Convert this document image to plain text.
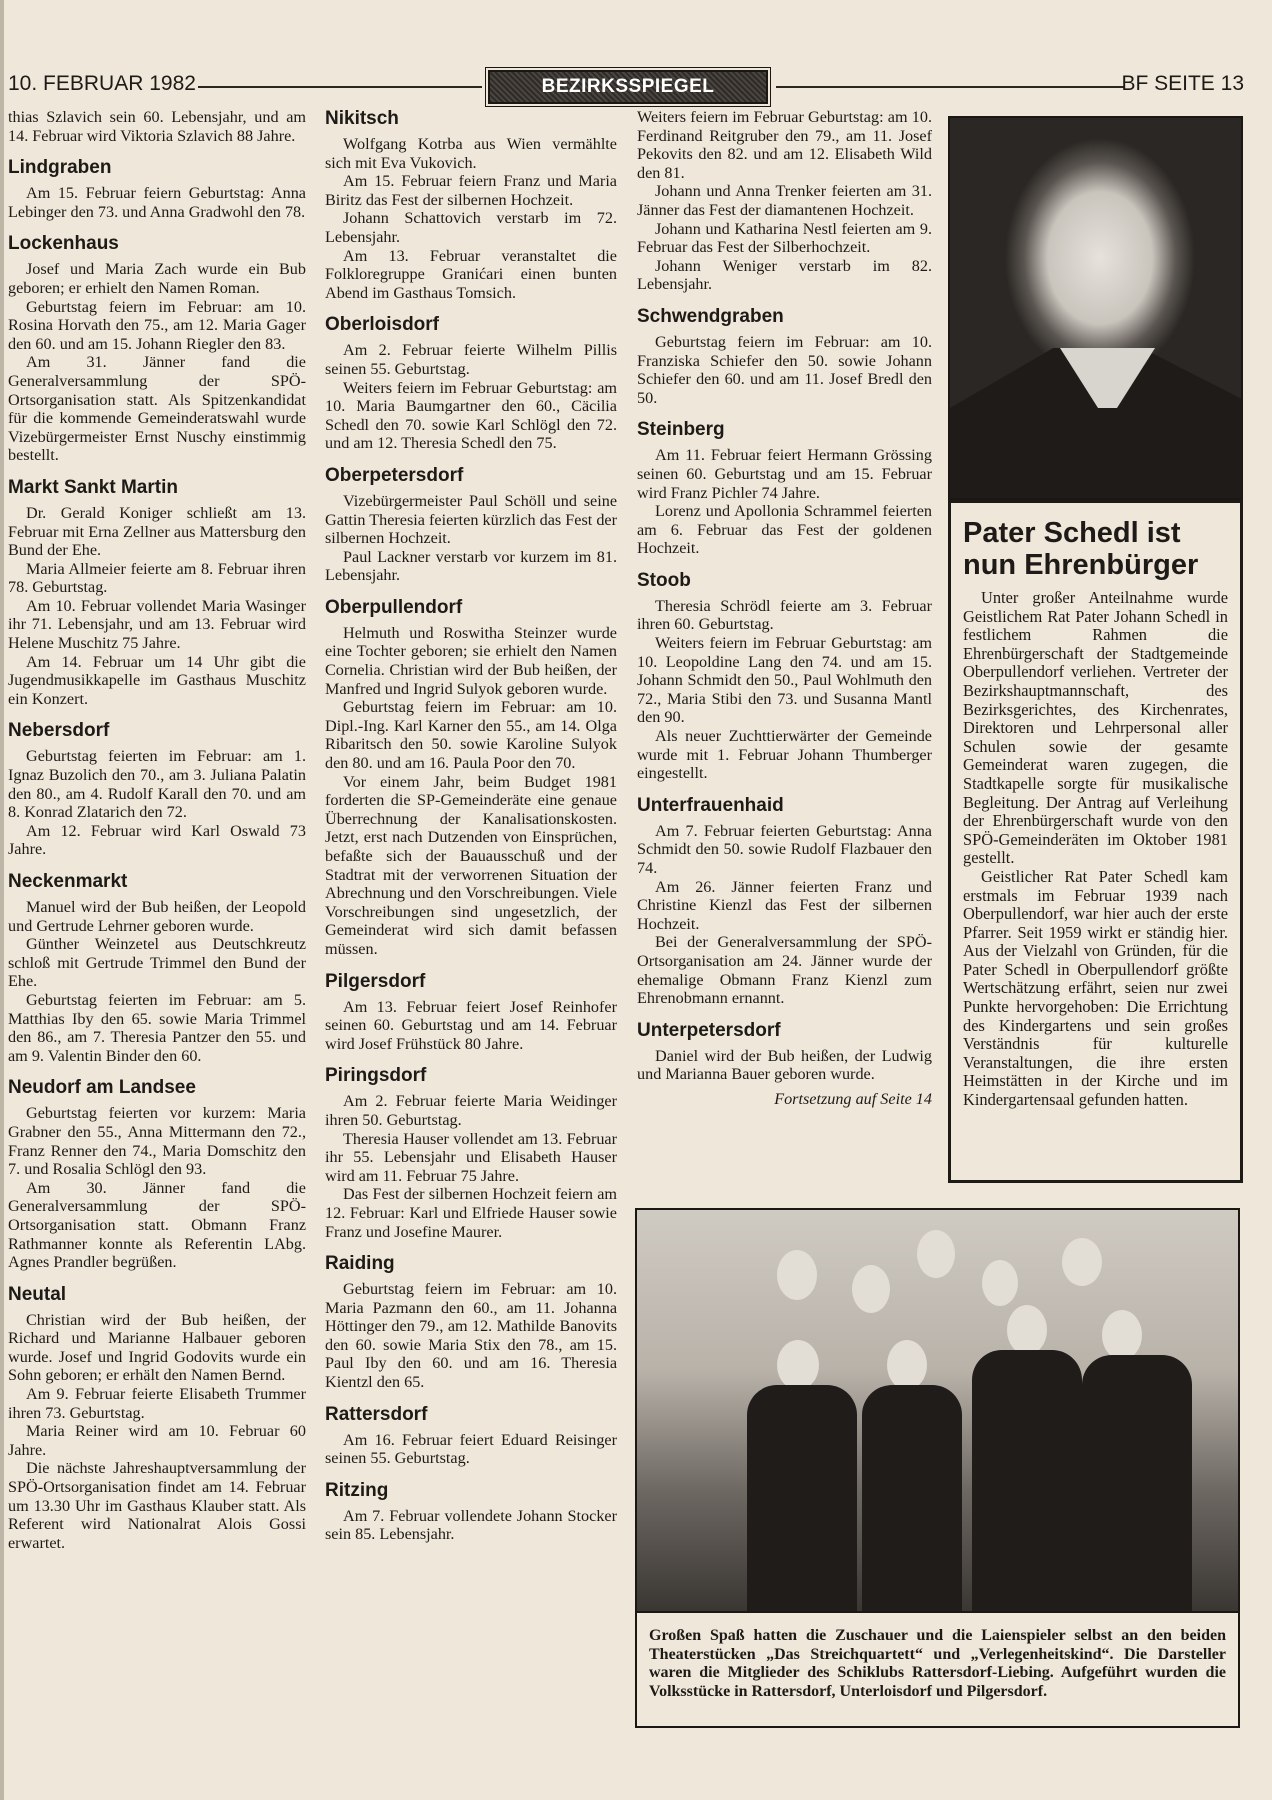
10. FEBRUAR 1982	BEZIRKSSPIEGEL	BF SEITE 13

thias Szlavich sein 60. Lebensjahr, und am 14. Februar wird Viktoria Szlavich 88 Jahre.

Lindgraben

Am 15. Februar feiern Geburtstag: Anna Lebinger den 73. und Anna Gradwohl den 78.

Lockenhaus

Josef und Maria Zach wurde ein Bub geboren; er erhielt den Namen Roman.

Geburtstag feiern im Februar: am 10. Rosina Horvath den 75., am 12. Maria Gager den 60. und am 15. Johann Riegler den 83.

Am 31. Jänner fand die Generalversammlung der SPÖ-Ortsorganisation statt. Als Spitzenkandidat für die kommende Gemeinderatswahl wurde Vizebürgermeister Ernst Nuschy einstimmig bestellt.

Markt Sankt Martin

Dr. Gerald Koniger schließt am 13. Februar mit Erna Zellner aus Mattersburg den Bund der Ehe.

Maria Allmeier feierte am 8. Februar ihren 78. Geburtstag.

Am 10. Februar vollendet Maria Wasinger ihr 71. Lebensjahr, und am 13. Februar wird Helene Muschitz 75 Jahre.

Am 14. Februar um 14 Uhr gibt die Jugendmusikkapelle im Gasthaus Muschitz ein Konzert.

Nebersdorf

Geburtstag feierten im Februar: am 1. Ignaz Buzolich den 70., am 3. Juliana Palatin den 80., am 4. Rudolf Karall den 70. und am 8. Konrad Zlatarich den 72.

Am 12. Februar wird Karl Oswald 73 Jahre.

Neckenmarkt

Manuel wird der Bub heißen, der Leopold und Gertrude Lehrner geboren wurde.

Günther Weinzetel aus Deutschkreutz schloß mit Gertrude Trimmel den Bund der Ehe.

Geburtstag feierten im Februar: am 5. Matthias Iby den 65. sowie Maria Trimmel den 86., am 7. Theresia Pantzer den 55. und am 9. Valentin Binder den 60.

Neudorf am Landsee

Geburtstag feierten vor kurzem: Maria Grabner den 55., Anna Mittermann den 72., Franz Renner den 74., Maria Domschitz den 7. und Rosalia Schlögl den 93.

Am 30. Jänner fand die Generalversammlung der SPÖ-Ortsorganisation statt. Obmann Franz Rathmanner konnte als Referentin LAbg. Agnes Prandler begrüßen.

Neutal

Christian wird der Bub heißen, der Richard und Marianne Halbauer geboren wurde. Josef und Ingrid Godovits wurde ein Sohn geboren; er erhält den Namen Bernd.

Am 9. Februar feierte Elisabeth Trummer ihren 73. Geburtstag.

Maria Reiner wird am 10. Februar 60 Jahre.

Die nächste Jahreshauptversammlung der SPÖ-Ortsorganisation findet am 14. Februar um 13.30 Uhr im Gasthaus Klauber statt. Als Referent wird Nationalrat Alois Gossi erwartet.

Nikitsch

Wolfgang Kotrba aus Wien vermählte sich mit Eva Vukovich.

Am 15. Februar feiern Franz und Maria Biritz das Fest der silbernen Hochzeit.

Johann Schattovich verstarb im 72. Lebensjahr.

Am 13. Februar veranstaltet die Folkloregruppe Granićari einen bunten Abend im Gasthaus Tomsich.

Oberloisdorf

Am 2. Februar feierte Wilhelm Pillis seinen 55. Geburtstag.

Weiters feiern im Februar Geburtstag: am 10. Maria Baumgartner den 60., Cäcilia Schedl den 70. sowie Karl Schlögl den 72. und am 12. Theresia Schedl den 75.

Oberpetersdorf

Vizebürgermeister Paul Schöll und seine Gattin Theresia feierten kürzlich das Fest der silbernen Hochzeit.

Paul Lackner verstarb vor kurzem im 81. Lebensjahr.

Oberpullendorf

Helmuth und Roswitha Steinzer wurde eine Tochter geboren; sie erhielt den Namen Cornelia. Christian wird der Bub heißen, der Manfred und Ingrid Sulyok geboren wurde.

Geburtstag feiern im Februar: am 10. Dipl.-Ing. Karl Karner den 55., am 14. Olga Ribaritsch den 50. sowie Karoline Sulyok den 80. und am 16. Paula Poor den 70.

Vor einem Jahr, beim Budget 1981 forderten die SP-Gemeinderäte eine genaue Überrechnung der Kanalisationskosten. Jetzt, erst nach Dutzenden von Einsprüchen, befaßte sich der Bauausschuß und der Stadtrat mit der verworrenen Situation der Abrechnung und den Vorschreibungen. Viele Vorschreibungen sind ungesetzlich, der Gemeinderat wird sich damit befassen müssen.

Pilgersdorf

Am 13. Februar feiert Josef Reinhofer seinen 60. Geburtstag und am 14. Februar wird Josef Frühstück 80 Jahre.

Piringsdorf

Am 2. Februar feierte Maria Weidinger ihren 50. Geburtstag.

Theresia Hauser vollendet am 13. Februar ihr 55. Lebensjahr und Elisabeth Hauser wird am 11. Februar 75 Jahre.

Das Fest der silbernen Hochzeit feiern am 12. Februar: Karl und Elfriede Hauser sowie Franz und Josefine Maurer.

Raiding

Geburtstag feiern im Februar: am 10. Maria Pazmann den 60., am 11. Johanna Höttinger den 79., am 12. Mathilde Banovits den 60. sowie Maria Stix den 78., am 15. Paul Iby den 60. und am 16. Theresia Kientzl den 65.

Rattersdorf

Am 16. Februar feiert Eduard Reisinger seinen 55. Geburtstag.

Ritzing

Am 7. Februar vollendete Johann Stocker sein 85. Lebensjahr.

Weiters feiern im Februar Geburtstag: am 10. Ferdinand Reitgruber den 79., am 11. Josef Pekovits den 82. und am 12. Elisabeth Wild den 81.

Johann und Anna Trenker feierten am 31. Jänner das Fest der diamantenen Hochzeit.

Johann und Katharina Nestl feierten am 9. Februar das Fest der Silberhochzeit.

Johann Weniger verstarb im 82. Lebensjahr.

Schwendgraben

Geburtstag feiern im Februar: am 10. Franziska Schiefer den 50. sowie Johann Schiefer den 60. und am 11. Josef Bredl den 50.

Steinberg

Am 11. Februar feiert Hermann Grössing seinen 60. Geburtstag und am 15. Februar wird Franz Pichler 74 Jahre.

Lorenz und Apollonia Schrammel feierten am 6. Februar das Fest der goldenen Hochzeit.

Stoob

Theresia Schrödl feierte am 3. Februar ihren 60. Geburtstag.

Weiters feiern im Februar Geburtstag: am 10. Leopoldine Lang den 74. und am 15. Johann Schmidt den 50., Paul Wohlmuth den 72., Maria Stibi den 73. und Susanna Mantl den 90.

Als neuer Zuchttierwärter der Gemeinde wurde mit 1. Februar Johann Thumberger eingestellt.

Unterfrauenhaid

Am 7. Februar feierten Geburtstag: Anna Schmidt den 50. sowie Rudolf Flazbauer den 74.

Am 26. Jänner feierten Franz und Christine Kienzl das Fest der silbernen Hochzeit.

Bei der Generalversammlung der SPÖ-Ortsorganisation am 24. Jänner wurde der ehemalige Obmann Franz Kienzl zum Ehrenobmann ernannt.

Unterpetersdorf

Daniel wird der Bub heißen, der Ludwig und Marianna Bauer geboren wurde.

Fortsetzung auf Seite 14

Pater Schedl ist nun Ehrenbürger

Unter großer Anteilnahme wurde Geistlichem Rat Pater Johann Schedl in festlichem Rahmen die Ehrenbürgerschaft der Stadtgemeinde Oberpullendorf verliehen. Vertreter der Bezirkshauptmannschaft, des Bezirksgerichtes, des Kirchenrates, Direktoren und Lehrpersonal aller Schulen sowie der gesamte Gemeinderat waren zugegen, die Stadtkapelle sorgte für musikalische Begleitung. Der Antrag auf Verleihung der Ehrenbürgerschaft wurde von den SPÖ-Gemeinderäten im Oktober 1981 gestellt.

Geistlicher Rat Pater Schedl kam erstmals im Februar 1939 nach Oberpullendorf, war hier auch der erste Pfarrer. Seit 1959 wirkt er ständig hier. Aus der Vielzahl von Gründen, für die Pater Schedl in Oberpullendorf größte Wertschätzung erfährt, seien nur zwei Punkte hervorgehoben: Die Errichtung des Kindergartens und sein großes Verständnis für kulturelle Veranstaltungen, die ihre ersten Heimstätten in der Kirche und im Kindergartensaal gefunden hatten.

Großen Spaß hatten die Zuschauer und die Laienspieler selbst an den beiden Theaterstücken „Das Streichquartett“ und „Verlegenheitskind“. Die Darsteller waren die Mitglieder des Schiklubs Rattersdorf-Liebing. Aufgeführt wurden die Volksstücke in Rattersdorf, Unterloisdorf und Pilgersdorf.
